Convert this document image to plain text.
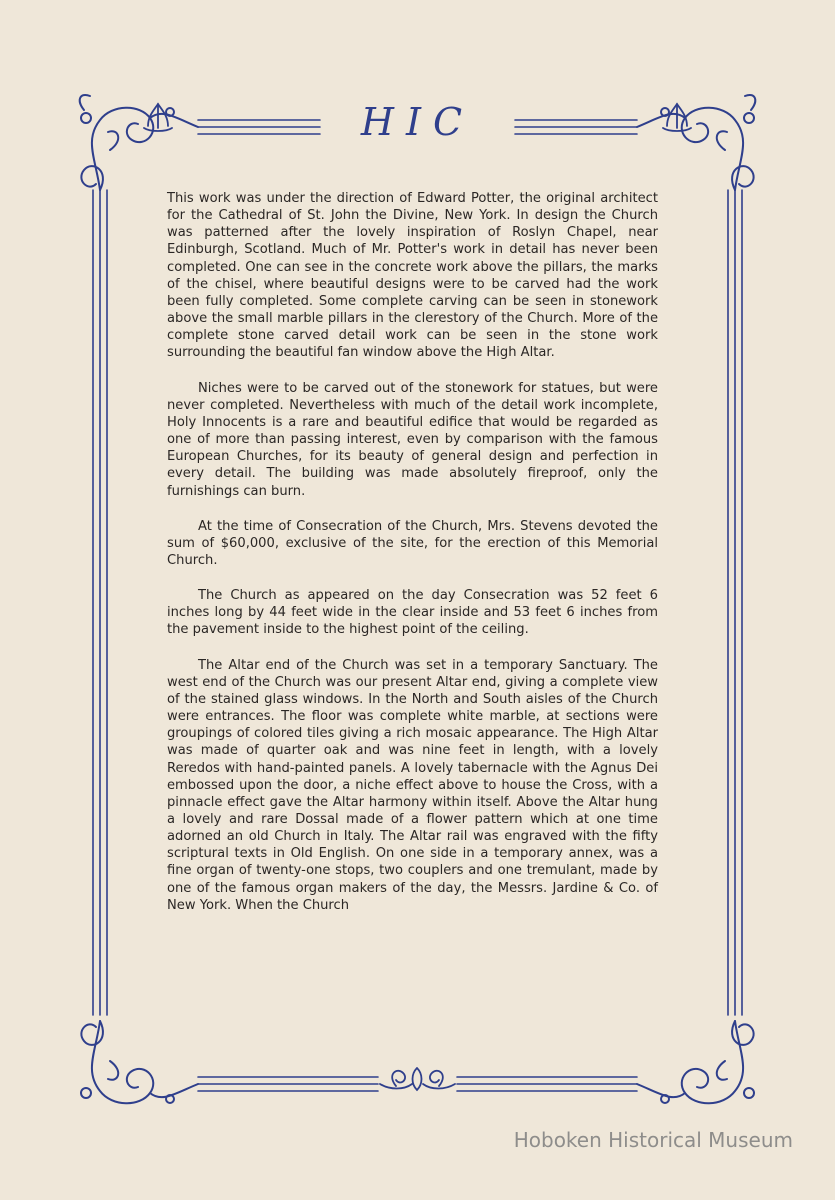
HIC

This work was under the direction of Edward Potter, the original architect for the Cathedral of St. John the Divine, New York. In design the Church was patterned after the lovely inspiration of Roslyn Chapel, near Edinburgh, Scotland. Much of Mr. Potter's work in detail has never been completed. One can see in the concrete work above the pillars, the marks of the chisel, where beautiful designs were to be carved had the work been fully completed. Some complete carving can be seen in stonework above the small marble pillars in the clerestory of the Church. More of the complete stone carved detail work can be seen in the stone work surrounding the beautiful fan window above the High Altar.

Niches were to be carved out of the stonework for statues, but were never completed. Nevertheless with much of the detail work incomplete, Holy Innocents is a rare and beautiful edifice that would be regarded as one of more than passing interest, even by comparison with the famous European Churches, for its beauty of general design and perfection in every detail. The building was made absolutely fireproof, only the furnishings can burn.

At the time of Consecration of the Church, Mrs. Stevens devoted the sum of $60,000, exclusive of the site, for the erection of this Memorial Church.

The Church as appeared on the day Consecration was 52 feet 6 inches long by 44 feet wide in the clear inside and 53 feet 6 inches from the pavement inside to the highest point of the ceiling.

The Altar end of the Church was set in a temporary Sanctuary. The west end of the Church was our present Altar end, giving a complete view of the stained glass windows. In the North and South aisles of the Church were entrances. The floor was complete white marble, at sections were groupings of colored tiles giving a rich mosaic appearance. The High Altar was made of quarter oak and was nine feet in length, with a lovely Reredos with hand-painted panels. A lovely tabernacle with the Agnus Dei embossed upon the door, a niche effect above to house the Cross, with a pinnacle effect gave the Altar harmony within itself. Above the Altar hung a lovely and rare Dossal made of a flower pattern which at one time adorned an old Church in Italy. The Altar rail was engraved with the fifty scriptural texts in Old English. On one side in a temporary annex, was a fine organ of twenty-one stops, two couplers and one tremulant, made by one of the famous organ makers of the day, the Messrs. Jardine & Co. of New York. When the Church

Hoboken Historical Museum
